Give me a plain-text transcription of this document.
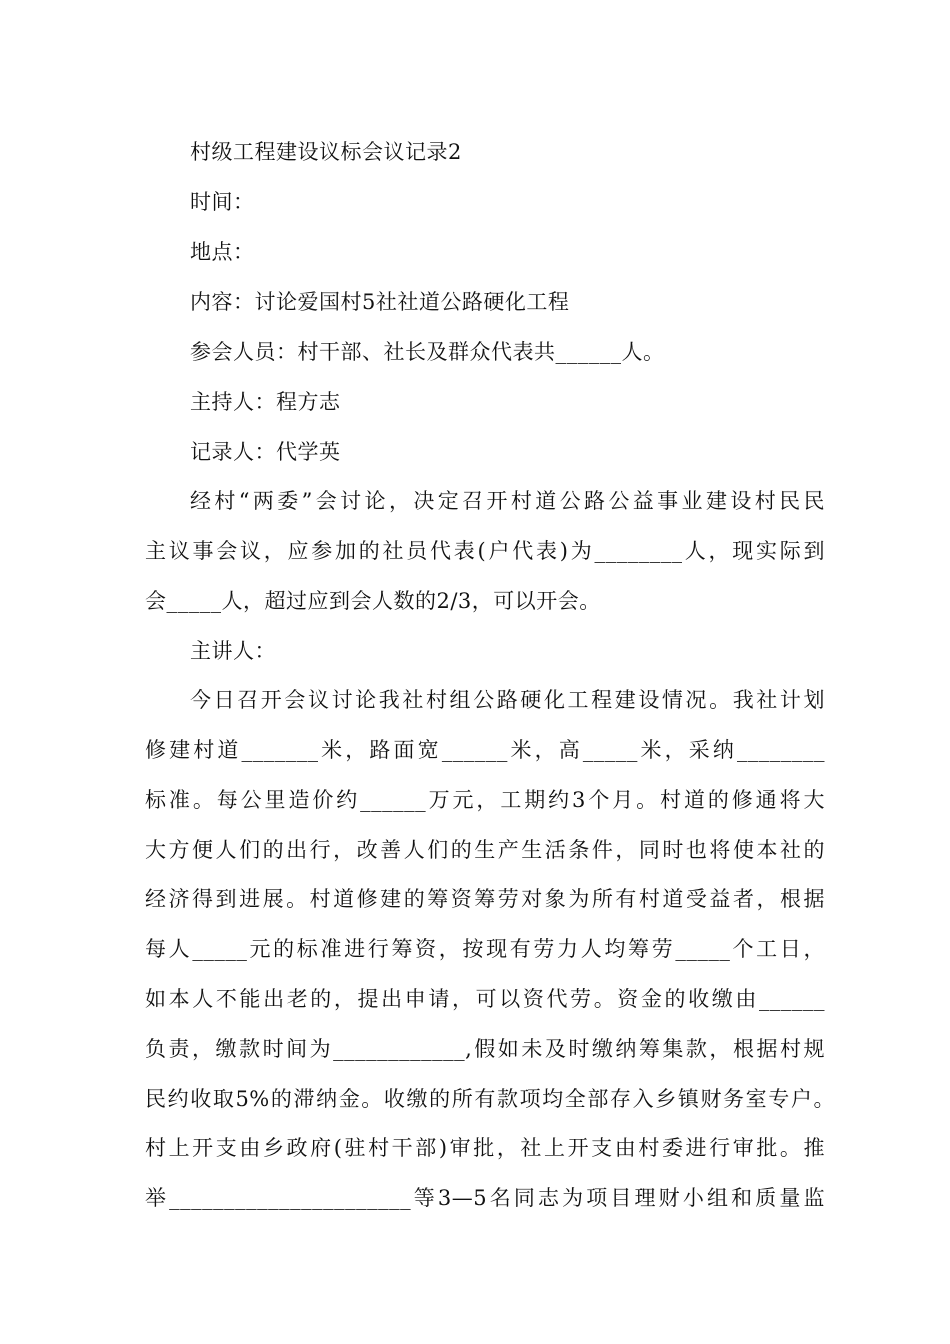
村级工程建设议标会议记录2
时间：
地点：
内容：讨论爱国村5社社道公路硬化工程
参会人员：村干部、社长及群众代表共______人。
主持人：程方志
记录人：代学英
经村“两委”会讨论，决定召开村道公路公益事业建设村民民
主议事会议，应参加的社员代表(户代表)为________人，现实际到
会_____人，超过应到会人数的2/3，可以开会。
主讲人：
今日召开会议讨论我社村组公路硬化工程建设情况。我社计划
修建村道_______米，路面宽______米，高_____米，采纳________
标准。每公里造价约______万元，工期约3个月。村道的修通将大
大方便人们的出行，改善人们的生产生活条件，同时也将使本社的
经济得到进展。村道修建的筹资筹劳对象为所有村道受益者，根据
每人_____元的标准进行筹资，按现有劳力人均筹劳_____个工日，
如本人不能出老的，提出申请，可以资代劳。资金的收缴由______
负责，缴款时间为____________,假如未及时缴纳筹集款，根据村规
民约收取5%的滞纳金。收缴的所有款项均全部存入乡镇财务室专户。
村上开支由乡政府(驻村干部)审批，社上开支由村委进行审批。推
举______________________等3—5名同志为项目理财小组和质量监
